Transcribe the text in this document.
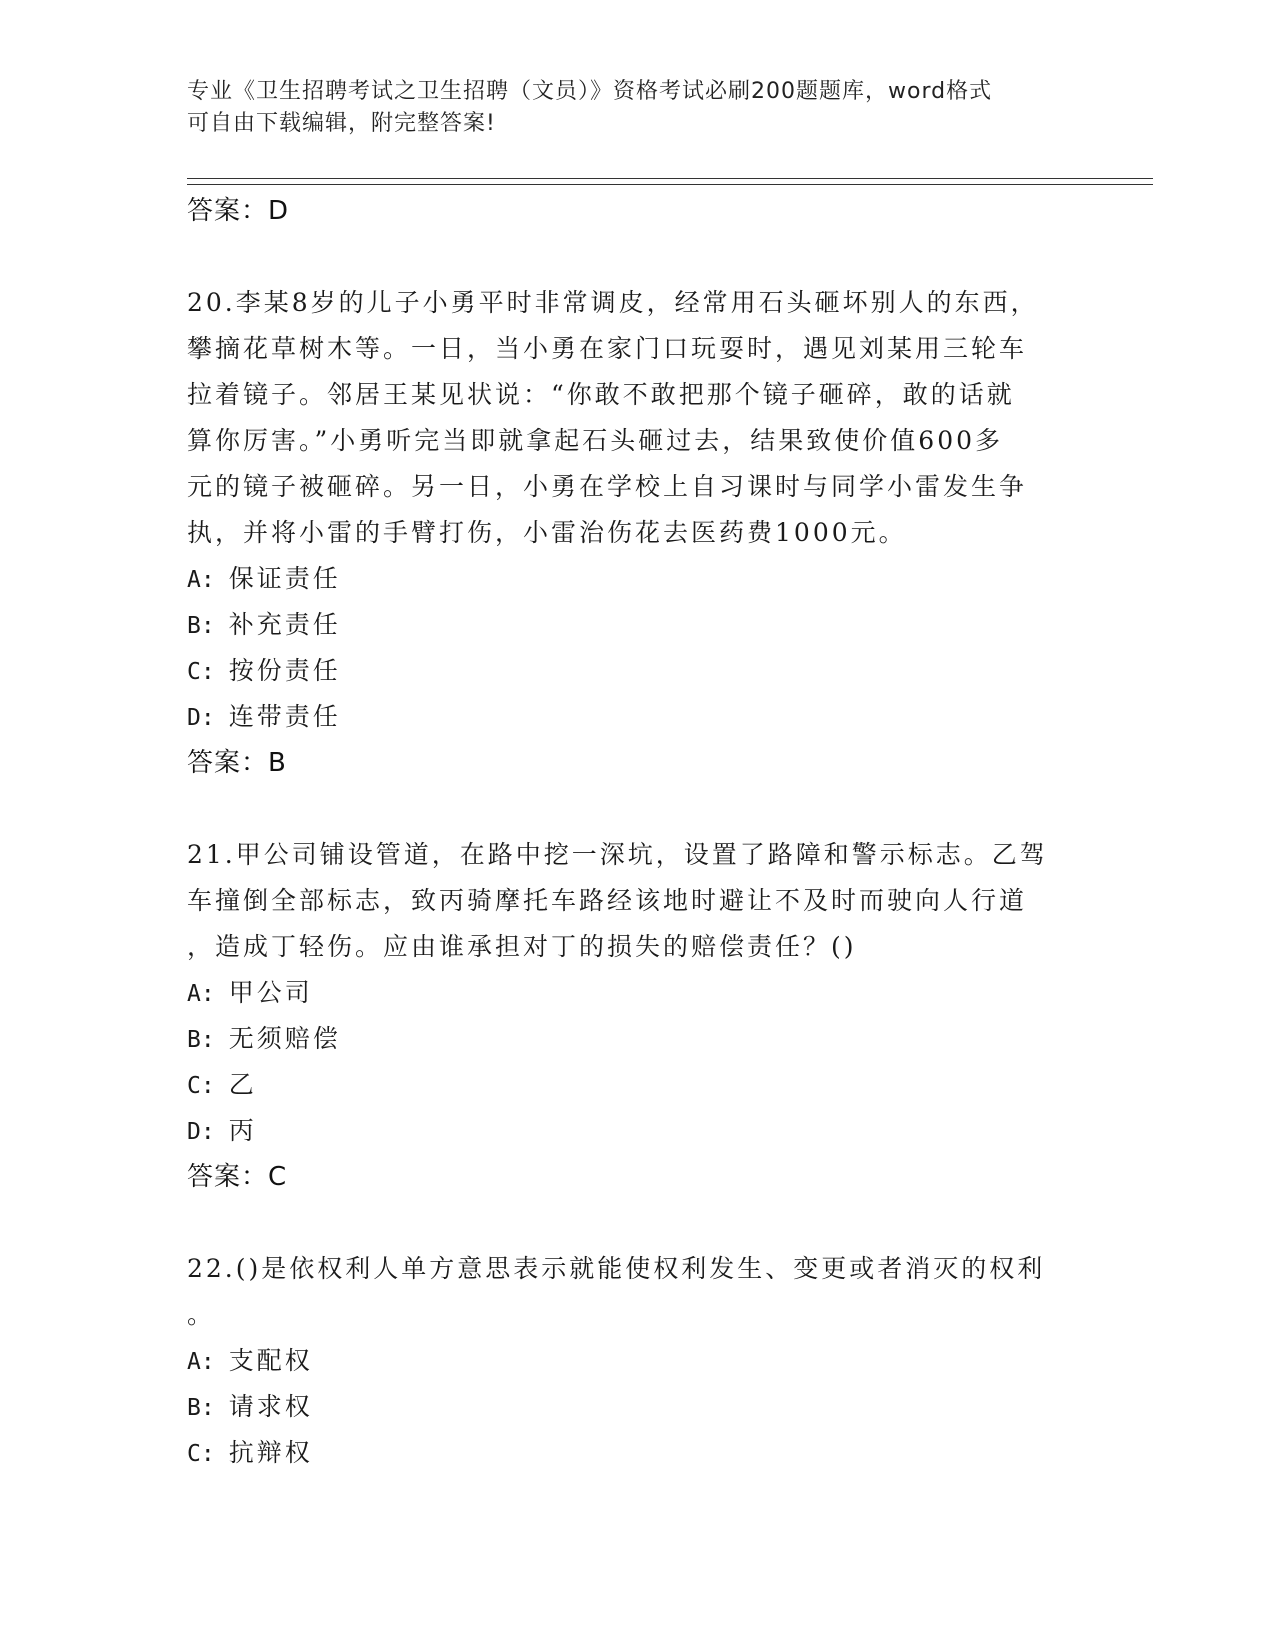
专业《卫生招聘考试之卫生招聘（文员）》资格考试必刷200题题库，word格式
可自由下载编辑，附完整答案!
答案：D
20.李某8岁的儿子小勇平时非常调皮，经常用石头砸坏别人的东西，
攀摘花草树木等。一日，当小勇在家门口玩耍时，遇见刘某用三轮车
拉着镜子。邻居王某见状说：“你敢不敢把那个镜子砸碎，敢的话就
算你厉害。”小勇听完当即就拿起石头砸过去，结果致使价值600多
元的镜子被砸碎。另一日，小勇在学校上自习课时与同学小雷发生争
执，并将小雷的手臂打伤，小雷治伤花去医药费1000元。
A: 保证责任
B: 补充责任
C: 按份责任
D: 连带责任
答案：B
21.甲公司铺设管道，在路中挖一深坑，设置了路障和警示标志。乙驾
车撞倒全部标志，致丙骑摩托车路经该地时避让不及时而驶向人行道
，造成丁轻伤。应由谁承担对丁的损失的赔偿责任？()
A: 甲公司
B: 无须赔偿
C: 乙
D: 丙
答案：C
22.()是依权利人单方意思表示就能使权利发生、变更或者消灭的权利
。
A: 支配权
B: 请求权
C: 抗辩权
